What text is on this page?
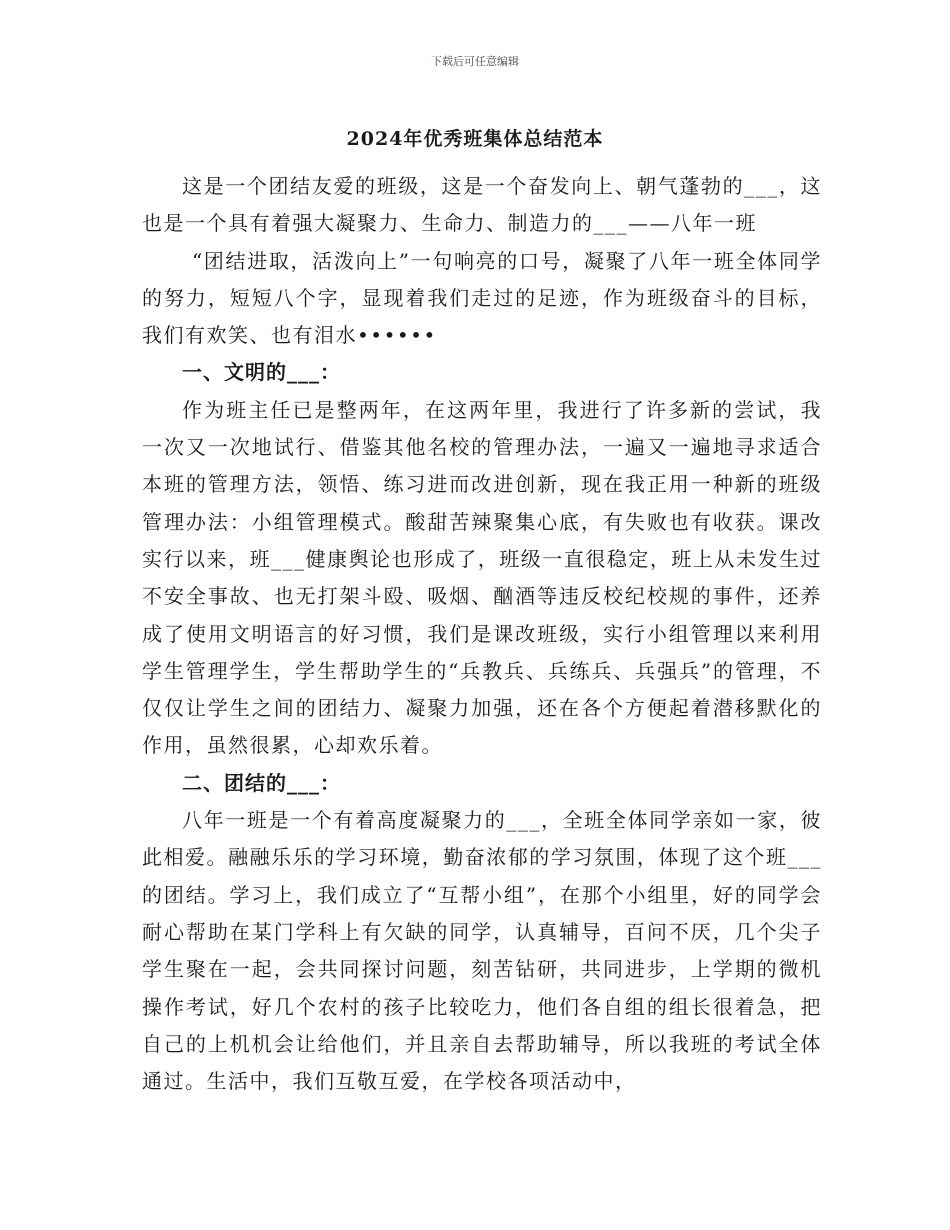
下载后可任意编辑
2024年优秀班集体总结范本

这是一个团结友爱的班级，这是一个奋发向上、朝气蓬勃的___，这也是一个具有着强大凝聚力、生命力、制造力的___——八年一班

“团结进取，活泼向上”一句响亮的口号，凝聚了八年一班全体同学的努力，短短八个字，显现着我们走过的足迹，作为班级奋斗的目标，我们有欢笑、也有泪水••••••

一、文明的___：

作为班主任已是整两年，在这两年里，我进行了许多新的尝试，我一次又一次地试行、借鉴其他名校的管理办法，一遍又一遍地寻求适合本班的管理方法，领悟、练习进而改进创新，现在我正用一种新的班级管理办法：小组管理模式。酸甜苦辣聚集心底，有失败也有收获。课改实行以来，班___健康舆论也形成了，班级一直很稳定，班上从未发生过不安全事故、也无打架斗殴、吸烟、酗酒等违反校纪校规的事件，还养成了使用文明语言的好习惯，我们是课改班级，实行小组管理以来利用学生管理学生，学生帮助学生的“兵教兵、兵练兵、兵强兵”的管理，不仅仅让学生之间的团结力、凝聚力加强，还在各个方便起着潜移默化的作用，虽然很累，心却欢乐着。

二、团结的___：

八年一班是一个有着高度凝聚力的___，全班全体同学亲如一家，彼此相爱。融融乐乐的学习环境，勤奋浓郁的学习氛围，体现了这个班___的团结。学习上，我们成立了“互帮小组”，在那个小组里，好的同学会耐心帮助在某门学科上有欠缺的同学，认真辅导，百问不厌，几个尖子学生聚在一起，会共同探讨问题，刻苦钻研，共同进步，上学期的微机操作考试，好几个农村的孩子比较吃力，他们各自组的组长很着急，把自己的上机机会让给他们，并且亲自去帮助辅导，所以我班的考试全体通过。生活中，我们互敬互爱，在学校各项活动中，
